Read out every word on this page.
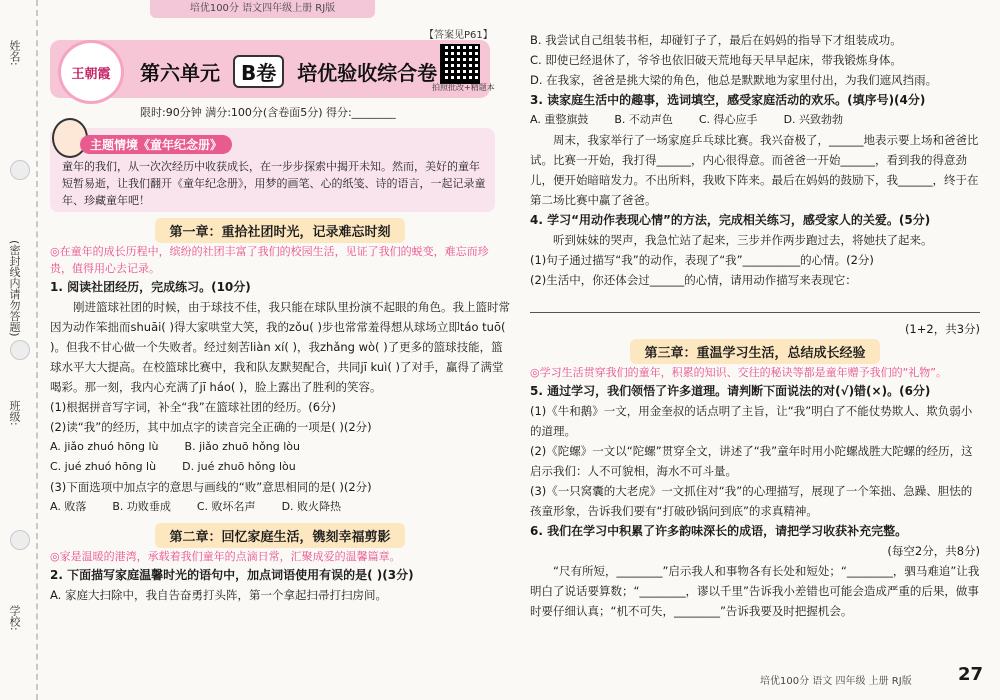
培优100分 语文四年级上册 RJ版
姓名:
(密封线内请勿答题)
班级:
学校:
王朝霞 第六单元 B卷 培优验收综合卷
【答案见P61】
拍照批改+精题本
限时:90分钟 满分:100分(含卷面5分) 得分:________
主题情境《童年纪念册》
童年的我们，从一次次经历中收获成长，在一步步探索中揭开未知。然而，美好的童年短暂易逝，让我们翻开《童年纪念册》，用梦的画笔、心的纸笺、诗的语言，一起记录童年、珍藏童年吧！
第一章：重拾社团时光，记录难忘时刻
◎在童年的成长历程中，缤纷的社团丰富了我们的校园生活，见证了我们的蜕变，难忘而珍贵，值得用心去记录。
1. 阅读社团经历，完成练习。(10分)
刚进篮球社团的时候，由于球技不佳，我只能在球队里扮演不起眼的角色。我上篮时常因为动作笨拙而shuāi( )得大家哄堂大笑，我的zǒu( )步也常常羞得想从球场立即táo tuō( )。但我不甘心做一个失败者。经过刻苦liàn xí( )，我zhǎng wò( )了更多的篮球技能，篮球水平大大提高。在校篮球比赛中，我和队友默契配合，共同jī kuì( )了对手，赢得了满堂喝彩。那一刻，我内心充满了jī háo( )，脸上露出了胜利的笑容。
(1)根据拼音写字词，补全“我”在篮球社团的经历。(6分)
(2)读“我”的经历，其中加点字的读音完全正确的一项是( )(2分)
A. jiǎo zhuó hōng lù B. jiǎo zhuō hǒng lòu
C. jué zhuó hōng lù D. jué zhuō hǒng lòu
(3)下面选项中加点字的意思与画线的“败”意思相同的是( )(2分)
A. 败落 B. 功败垂成 C. 败坏名声 D. 败火降热
第二章：回忆家庭生活，镌刻幸福剪影
◎家是温暖的港湾，承载着我们童年的点滴日常，汇聚成爱的温馨篇章。
2. 下面描写家庭温馨时光的语句中，加点词语使用有误的是( )(3分)
A. 家庭大扫除中，我自告奋勇打头阵，第一个拿起扫帚打扫房间。
B. 我尝试自己组装书柜，却碰钉子了，最后在妈妈的指导下才组装成功。
C. 即使已经退休了，爷爷也依旧破天荒地每天早早起床，带我锻炼身体。
D. 在我家，爸爸是挑大梁的角色，他总是默默地为家里付出，为我们遮风挡雨。
3. 读家庭生活中的趣事，选词填空，感受家庭活动的欢乐。(填序号)(4分)
A. 重整旗鼓 B. 不动声色 C. 得心应手 D. 兴致勃勃
周末，我家举行了一场家庭乒乓球比赛。我兴奋极了，______地表示要上场和爸爸比试。比赛一开始，我打得______，内心很得意。而爸爸一开始______，看到我的得意劲儿，便开始暗暗发力。不出所料，我败下阵来。最后在妈妈的鼓励下，我______，终于在第二场比赛中赢了爸爸。
4. 学习“用动作表现心情”的方法，完成相关练习，感受家人的关爱。(5分)
听到妹妹的哭声，我急忙站了起来，三步并作两步跑过去，将她扶了起来。
(1)句子通过描写“我”的动作，表现了“我”__________的心情。(2分)
(2)生活中，你还体会过______的心情，请用动作描写来表现它：
(1+2，共3分)
第三章：重温学习生活，总结成长经验
◎学习生活贯穿我们的童年，积累的知识、交往的秘诀等都是童年赠予我们的“礼物”。
5. 通过学习，我们领悟了许多道理。请判断下面说法的对(√)错(×)。(6分)
(1)《牛和鹅》一文，用金奎叔的话点明了主旨，让“我”明白了不能仗势欺人、欺负弱小的道理。
(2)《陀螺》一文以“陀螺”贯穿全文，讲述了“我”童年时用小陀螺战胜大陀螺的经历，这启示我们：人不可貌相，海水不可斗量。
(3)《一只窝囊的大老虎》一文抓住对“我”的心理描写，展现了一个笨拙、急躁、胆怯的孩童形象，告诉我们要有“打破砂锅问到底”的求真精神。
6. 我们在学习中积累了许多韵味深长的成语，请把学习收获补充完整。
(每空2分，共8分)
“尺有所短，________”启示我人和事物各有长处和短处；“________，驷马难追”让我明白了说话要算数；“________，谬以千里”告诉我小差错也可能会造成严重的后果，做事时要仔细认真；“机不可失，________”告诉我要及时把握机会。
培优100分 语文 四年级 上册 RJ版	27
